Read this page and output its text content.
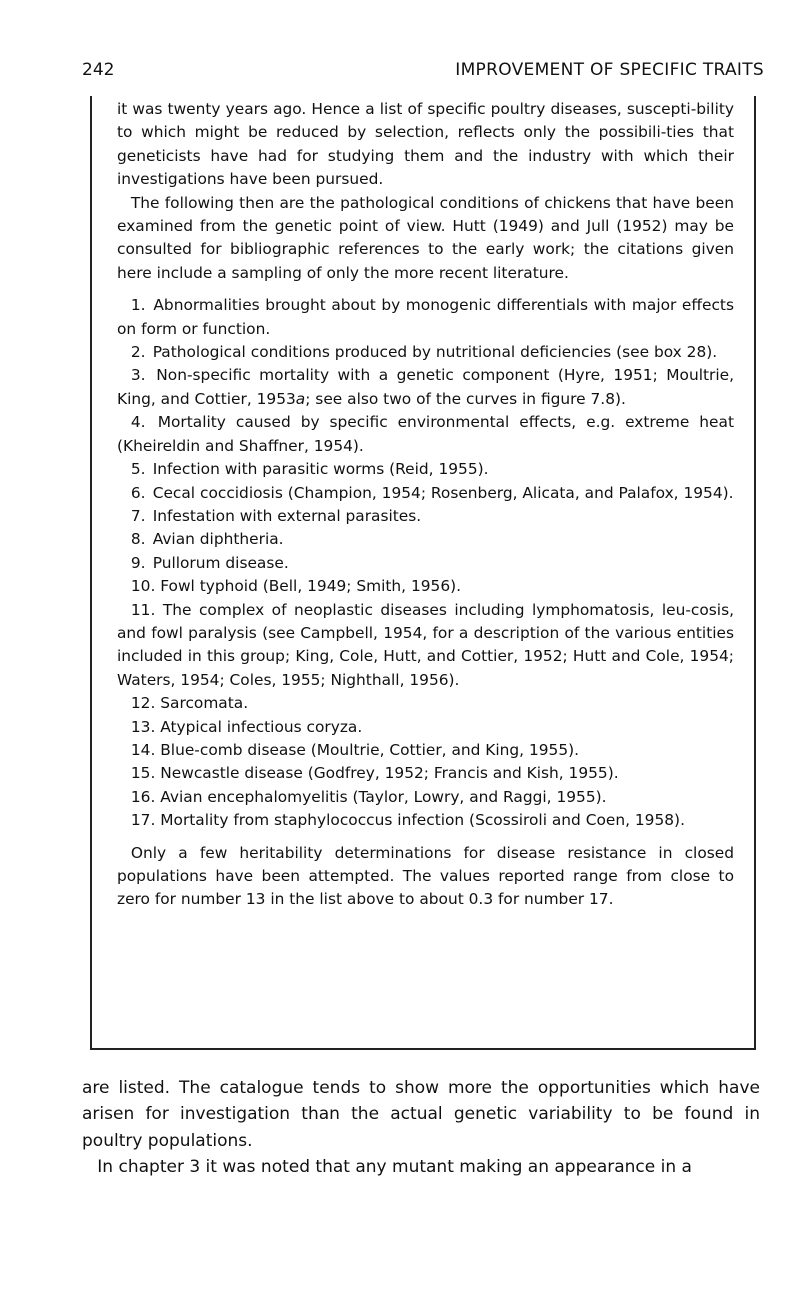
242	IMPROVEMENT OF SPECIFIC TRAITS

it was twenty years ago. Hence a list of specific poultry diseases, suscepti-bility to which might be reduced by selection, reflects only the possibili-ties that geneticists have had for studying them and the industry with which their investigations have been pursued.

The following then are the pathological conditions of chickens that have been examined from the genetic point of view. Hutt (1949) and Jull (1952) may be consulted for bibliographic references to the early work; the citations given here include a sampling of only the more recent literature.

1. Abnormalities brought about by monogenic differentials with major effects on form or function.

2. Pathological conditions produced by nutritional deficiencies (see box 28).

3. Non-specific mortality with a genetic component (Hyre, 1951; Moultrie, King, and Cottier, 1953a; see also two of the curves in figure 7.8).

4. Mortality caused by specific environmental effects, e.g. extreme heat (Kheireldin and Shaffner, 1954).

5. Infection with parasitic worms (Reid, 1955).

6. Cecal coccidiosis (Champion, 1954; Rosenberg, Alicata, and Palafox, 1954).

7. Infestation with external parasites.

8. Avian diphtheria.

9. Pullorum disease.

10. Fowl typhoid (Bell, 1949; Smith, 1956).

11. The complex of neoplastic diseases including lymphomatosis, leu-cosis, and fowl paralysis (see Campbell, 1954, for a description of the various entities included in this group; King, Cole, Hutt, and Cottier, 1952; Hutt and Cole, 1954; Waters, 1954; Coles, 1955; Nighthall, 1956).

12. Sarcomata.

13. Atypical infectious coryza.

14. Blue-comb disease (Moultrie, Cottier, and King, 1955).

15. Newcastle disease (Godfrey, 1952; Francis and Kish, 1955).

16. Avian encephalomyelitis (Taylor, Lowry, and Raggi, 1955).

17. Mortality from staphylococcus infection (Scossiroli and Coen, 1958).

Only a few heritability determinations for disease resistance in closed populations have been attempted. The values reported range from close to zero for number 13 in the list above to about 0.3 for number 17.

are listed. The catalogue tends to show more the opportunities which have arisen for investigation than the actual genetic variability to be found in poultry populations.

In chapter 3 it was noted that any mutant making an appearance in a
